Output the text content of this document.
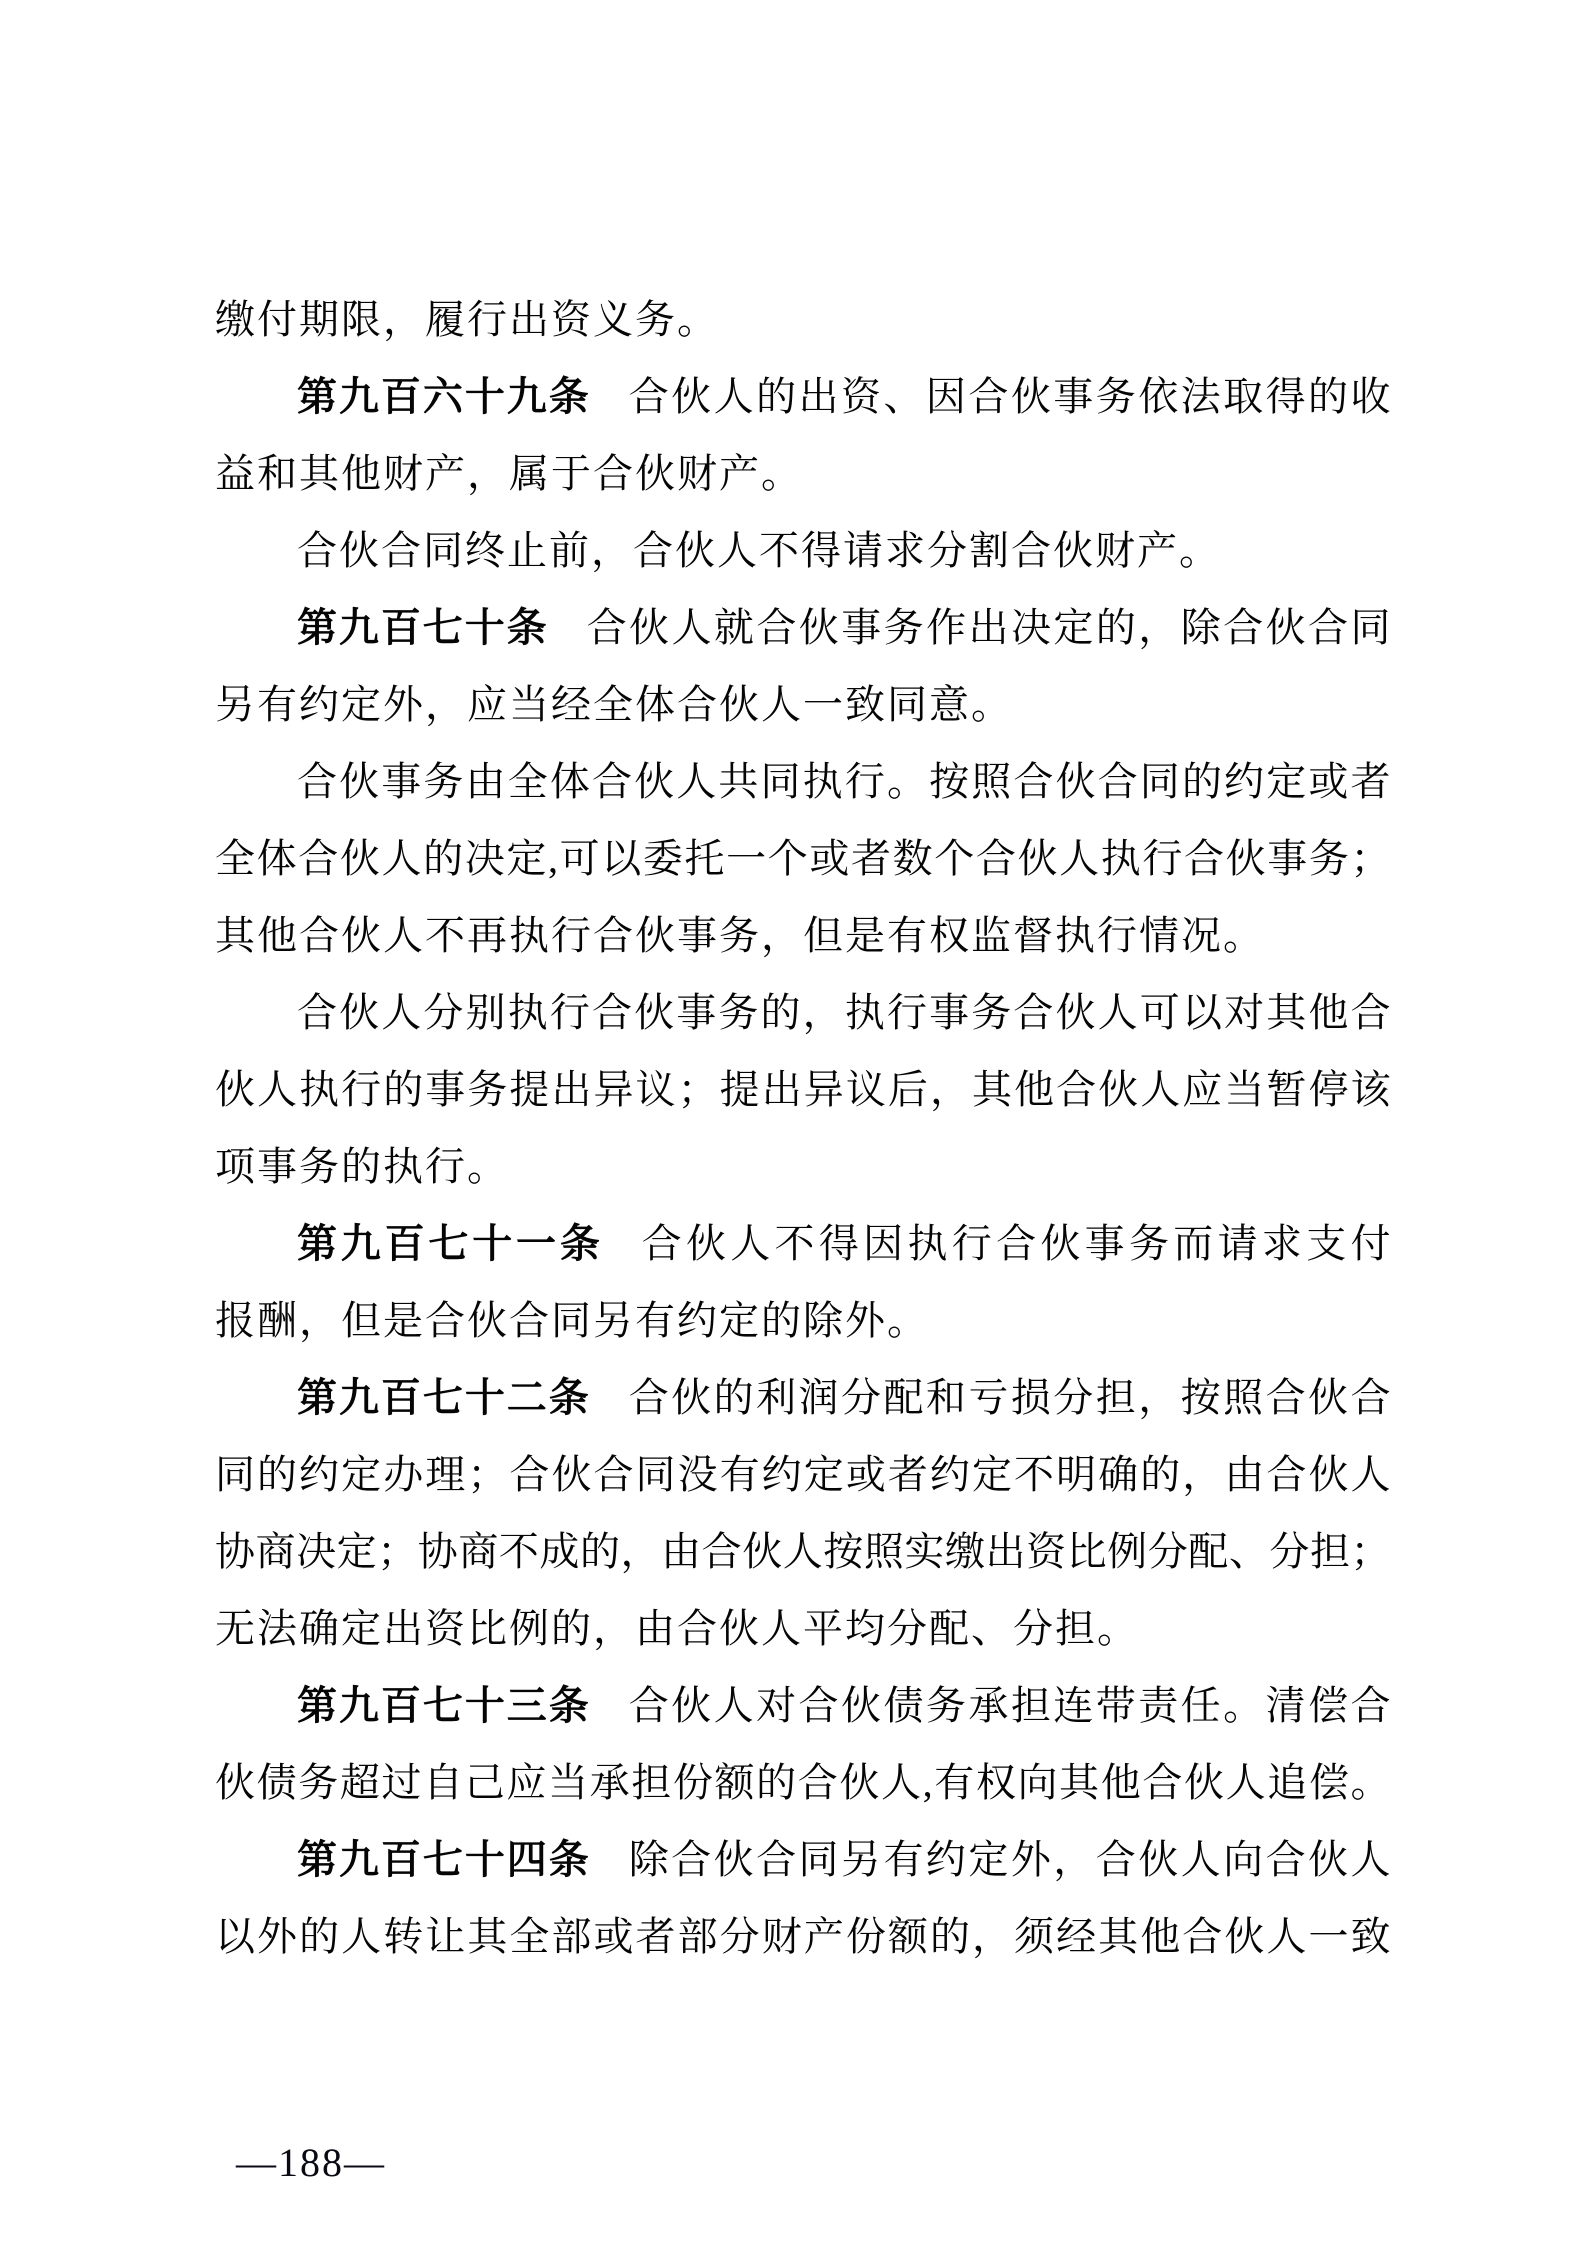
缴付期限，履行出资义务。
第九百六十九条 合伙人的出资、因合伙事务依法取得的收
益和其他财产，属于合伙财产。
合伙合同终止前，合伙人不得请求分割合伙财产。
第九百七十条 合伙人就合伙事务作出决定的，除合伙合同
另有约定外，应当经全体合伙人一致同意。
合伙事务由全体合伙人共同执行。按照合伙合同的约定或者
全体合伙人的决定,可以委托一个或者数个合伙人执行合伙事务；
其他合伙人不再执行合伙事务，但是有权监督执行情况。
合伙人分别执行合伙事务的，执行事务合伙人可以对其他合
伙人执行的事务提出异议；提出异议后，其他合伙人应当暂停该
项事务的执行。
第九百七十一条 合伙人不得因执行合伙事务而请求支付
报酬，但是合伙合同另有约定的除外。
第九百七十二条 合伙的利润分配和亏损分担，按照合伙合
同的约定办理；合伙合同没有约定或者约定不明确的，由合伙人
协商决定；协商不成的，由合伙人按照实缴出资比例分配、分担；
无法确定出资比例的，由合伙人平均分配、分担。
第九百七十三条 合伙人对合伙债务承担连带责任。清偿合
伙债务超过自己应当承担份额的合伙人,有权向其他合伙人追偿。
第九百七十四条 除合伙合同另有约定外，合伙人向合伙人
以外的人转让其全部或者部分财产份额的，须经其他合伙人一致
—188—
